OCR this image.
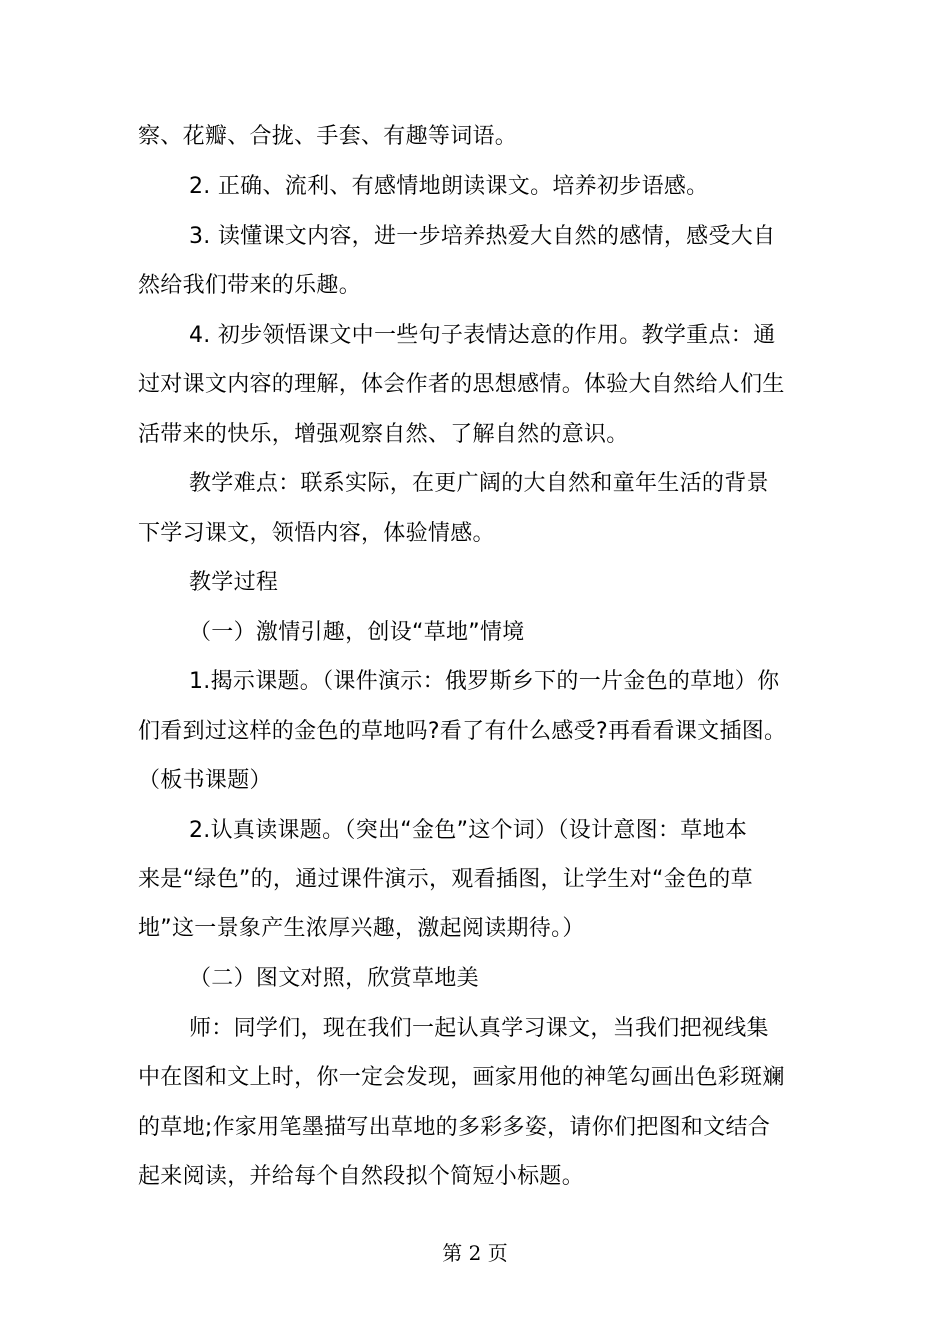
察、花瓣、合拢、手套、有趣等词语。
2. 正确、流利、有感情地朗读课文。培养初步语感。
3. 读懂课文内容，进一步培养热爱大自然的感情，感受大自
然给我们带来的乐趣。
4. 初步领悟课文中一些句子表情达意的作用。教学重点：通
过对课文内容的理解，体会作者的思想感情。体验大自然给人们生
活带来的快乐，增强观察自然、了解自然的意识。
教学难点：联系实际，在更广阔的大自然和童年生活的背景
下学习课文，领悟内容，体验情感。
教学过程
（一）激情引趣，创设“草地”情境
1.揭示课题。（课件演示：俄罗斯乡下的一片金色的草地）你
们看到过这样的金色的草地吗?看了有什么感受?再看看课文插图。
（板书课题）
2.认真读课题。（突出“金色”这个词）（设计意图：草地本
来是“绿色”的，通过课件演示，观看插图，让学生对“金色的草
地”这一景象产生浓厚兴趣，激起阅读期待。）
（二）图文对照，欣赏草地美
师：同学们，现在我们一起认真学习课文，当我们把视线集
中在图和文上时，你一定会发现，画家用他的神笔勾画出色彩斑斓
的草地;作家用笔墨描写出草地的多彩多姿，请你们把图和文结合
起来阅读，并给每个自然段拟个简短小标题。
第 2 页
